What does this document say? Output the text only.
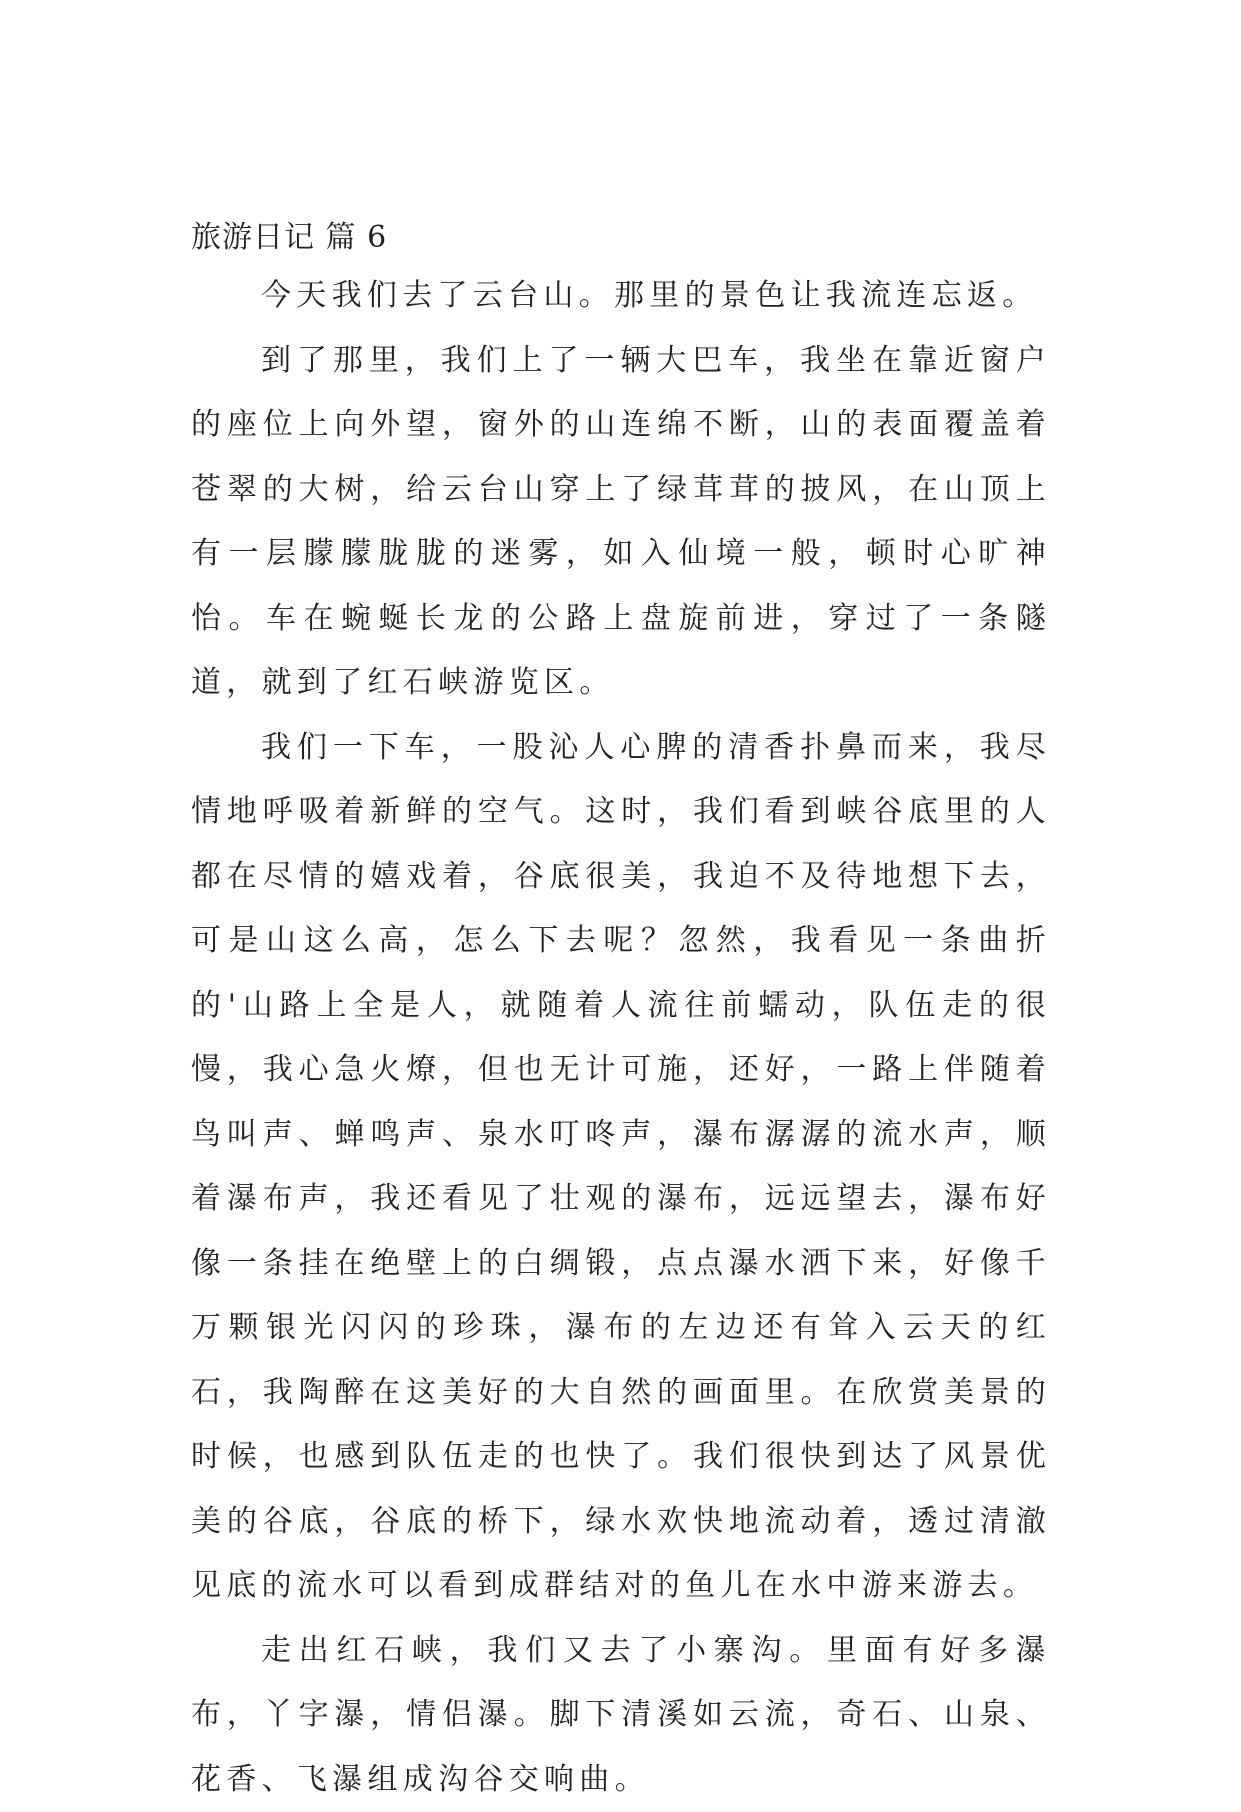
旅游日记 篇 6

今天我们去了云台山。那里的景色让我流连忘返。

到了那里，我们上了一辆大巴车，我坐在靠近窗户的座位上向外望，窗外的山连绵不断，山的表面覆盖着苍翠的大树，给云台山穿上了绿茸茸的披风，在山顶上有一层朦朦胧胧的迷雾，如入仙境一般，顿时心旷神怡。车在蜿蜒长龙的公路上盘旋前进，穿过了一条隧道，就到了红石峡游览区。

我们一下车，一股沁人心脾的清香扑鼻而来，我尽情地呼吸着新鲜的空气。这时，我们看到峡谷底里的人都在尽情的嬉戏着，谷底很美，我迫不及待地想下去，可是山这么高，怎么下去呢？忽然，我看见一条曲折的'山路上全是人，就随着人流往前蠕动，队伍走的很慢，我心急火燎，但也无计可施，还好，一路上伴随着鸟叫声、蝉鸣声、泉水叮咚声，瀑布潺潺的流水声，顺着瀑布声，我还看见了壮观的瀑布，远远望去，瀑布好像一条挂在绝壁上的白绸锻，点点瀑水洒下来，好像千万颗银光闪闪的珍珠，瀑布的左边还有耸入云天的红石，我陶醉在这美好的大自然的画面里。在欣赏美景的时候，也感到队伍走的也快了。我们很快到达了风景优美的谷底，谷底的桥下，绿水欢快地流动着，透过清澈见底的流水可以看到成群结对的鱼儿在水中游来游去。

走出红石峡，我们又去了小寨沟。里面有好多瀑布，丫字瀑，情侣瀑。脚下清溪如云流，奇石、山泉、花香、飞瀑组成沟谷交响曲。
